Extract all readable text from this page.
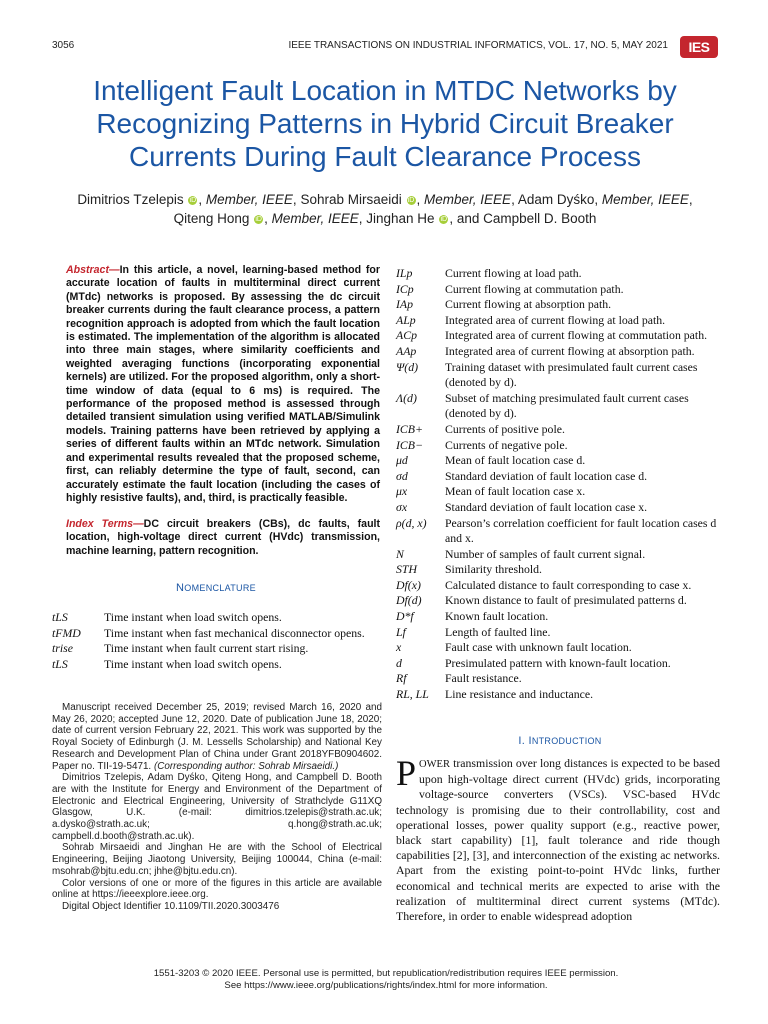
3056	IEEE TRANSACTIONS ON INDUSTRIAL INFORMATICS, VOL. 17, NO. 5, MAY 2021	IES
Intelligent Fault Location in MTDC Networks by
Recognizing Patterns in Hybrid Circuit Breaker
Currents During Fault Clearance Process
Dimitrios Tzelepis iD , Member, IEEE, Sohrab Mirsaeidi iD , Member, IEEE, Adam Dyśko, Member, IEEE,
Qiteng Hong iD , Member, IEEE, Jinghan He iD , and Campbell D. Booth
Abstract—In this article, a novel, learning-based method for accurate location of faults in multiterminal direct current (MTdc) networks is proposed. By assessing the dc circuit breaker currents during the fault clearance process, a pattern recognition approach is adopted from which the fault location is estimated. The implementation of the algorithm is allocated into three main stages, where similarity coefficients and weighted averaging functions (incorporating exponential kernels) are utilized. For the proposed algorithm, only a short-time window of data (equal to 6 ms) is required. The performance of the proposed method is assessed through detailed transient simulation using verified MATLAB/Simulink models. Training patterns have been retrieved by applying a series of different faults within an MTdc network. Simulation and experimental results revealed that the proposed scheme, first, can reliably determine the type of fault, second, can accurately estimate the fault location (including the cases of highly resistive faults), and, third, is practically feasible.
Index Terms—DC circuit breakers (CBs), dc faults, fault location, high-voltage direct current (HVdc) transmission, machine learning, pattern recognition.
NOMENCLATURE
tLS	Time instant when load switch opens.
tFMD	Time instant when fast mechanical disconnector opens.
trise	Time instant when fault current start rising.
tLS	Time instant when load switch opens.

Manuscript received December 25, 2019; revised March 16, 2020 and May 26, 2020; accepted June 12, 2020. Date of publication June 18, 2020; date of current version February 22, 2021. This work was supported by the Royal Society of Edinburgh (J. M. Lessells Scholarship) and National Key Research and Development Plan of China under Grant 2018YFB0904602. Paper no. TII-19-5471. (Corresponding author: Sohrab Mirsaeidi.)

Dimitrios Tzelepis, Adam Dyśko, Qiteng Hong, and Campbell D. Booth are with the Institute for Energy and Environment of the Department of Electronic and Electrical Engineering, University of Strathclyde G11XQ Glasgow, U.K. (e-mail: dimitrios.tzelepis@strath.ac.uk; a.dysko@strath.ac.uk; q.hong@strath.ac.uk; campbell.d.booth@strath.ac.uk).

Sohrab Mirsaeidi and Jinghan He are with the School of Electrical Engineering, Beijing Jiaotong University, Beijing 100044, China (e-mail: msohrab@bjtu.edu.cn; jhhe@bjtu.edu.cn).

Color versions of one or more of the figures in this article are available online at https://ieeexplore.ieee.org.

Digital Object Identifier 10.1109/TII.2020.3003476

ILp	Current flowing at load path.
ICp	Current flowing at commutation path.
IAp	Current flowing at absorption path.
ALp	Integrated area of current flowing at load path.
ACp	Integrated area of current flowing at commutation path.
AAp	Integrated area of current flowing at absorption path.
Ψ(d)	Training dataset with presimulated fault current cases (denoted by d).
Λ(d)	Subset of matching presimulated fault current cases (denoted by d).
ICB+	Currents of positive pole.
ICB−	Currents of negative pole.
μd	Mean of fault location case d.
σd	Standard deviation of fault location case d.
μx	Mean of fault location case x.
σx	Standard deviation of fault location case x.
ρ(d, x)	Pearson’s correlation coefficient for fault location cases d and x.
N	Number of samples of fault current signal.
STH	Similarity threshold.
Df(x)	Calculated distance to fault corresponding to case x.
Df(d)	Known distance to fault of presimulated patterns d.
D*f	Known fault location.
Lf	Length of faulted line.
x	Fault case with unknown fault location.
d	Presimulated pattern with known-fault location.
Rf	Fault resistance.
RL, LL	Line resistance and inductance.
I. INTRODUCTION
POWER transmission over long distances is expected to be based upon high-voltage direct current (HVdc) grids, incorporating voltage-source converters (VSCs). VSC-based HVdc technology is promising due to their controllability, cost and operational losses, power quality support (e.g., reactive power, black start capability) [1], fault tolerance and ride though capabilities [2], [3], and interconnection of the existing ac networks. Apart from the existing point-to-point HVdc links, further economical and technical merits are expected to arise with the realization of multiterminal direct current systems (MTdc). Therefore, in order to enable widespread adoption
1551-3203 © 2020 IEEE. Personal use is permitted, but republication/redistribution requires IEEE permission.
See https://www.ieee.org/publications/rights/index.html for more information.
